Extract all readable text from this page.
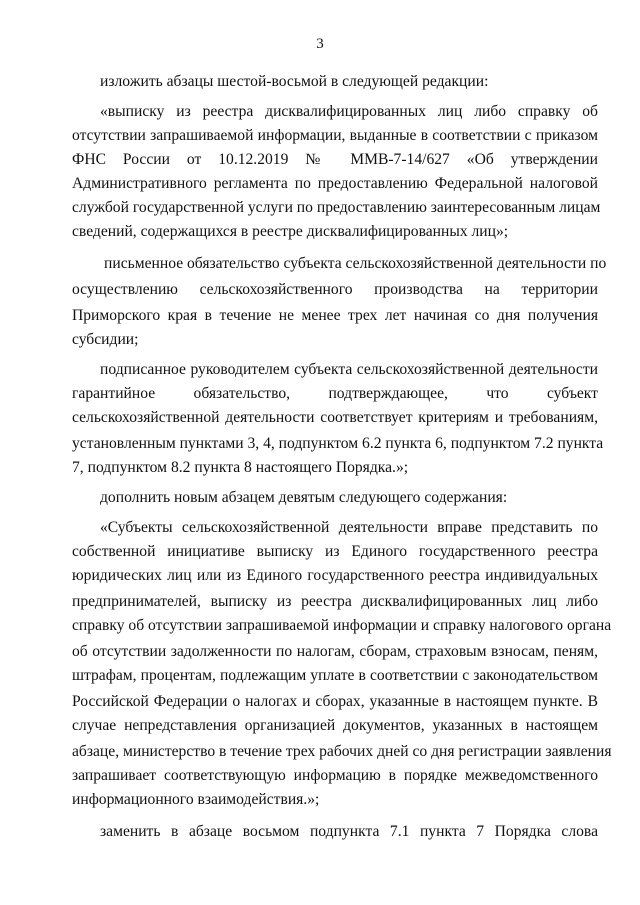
3
изложить абзацы шестой-восьмой в следующей редакции:
«выписку из реестра дисквалифицированных лиц либо справку об
отсутствии запрашиваемой информации, выданные в соответствии с приказом
ФНС России от 10.12.2019 № ММВ-7-14/627 «Об утверждении
Административного регламента по предоставлению Федеральной налоговой
службой государственной услуги по предоставлению заинтересованным лицам
сведений, содержащихся в реестре дисквалифицированных лиц»;
письменное обязательство субъекта сельскохозяйственной деятельности по
осуществлению сельскохозяйственного производства на территории
Приморского края в течение не менее трех лет начиная со дня получения
субсидии;
подписанное руководителем субъекта сельскохозяйственной деятельности
гарантийное обязательство, подтверждающее, что субъект
сельскохозяйственной деятельности соответствует критериям и требованиям,
установленным пунктами 3, 4, подпунктом 6.2 пункта 6, подпунктом 7.2 пункта
7, подпунктом 8.2 пункта 8 настоящего Порядка.»;
дополнить новым абзацем девятым следующего содержания:
«Субъекты сельскохозяйственной деятельности вправе представить по
собственной инициативе выписку из Единого государственного реестра
юридических лиц или из Единого государственного реестра индивидуальных
предпринимателей, выписку из реестра дисквалифицированных лиц либо
справку об отсутствии запрашиваемой информации и справку налогового органа
об отсутствии задолженности по налогам, сборам, страховым взносам, пеням,
штрафам, процентам, подлежащим уплате в соответствии с законодательством
Российской Федерации о налогах и сборах, указанные в настоящем пункте. В
случае непредставления организацией документов, указанных в настоящем
абзаце, министерство в течение трех рабочих дней со дня регистрации заявления
запрашивает соответствующую информацию в порядке межведомственного
информационного взаимодействия.»;
заменить в абзаце восьмом подпункта 7.1 пункта 7 Порядка слова
